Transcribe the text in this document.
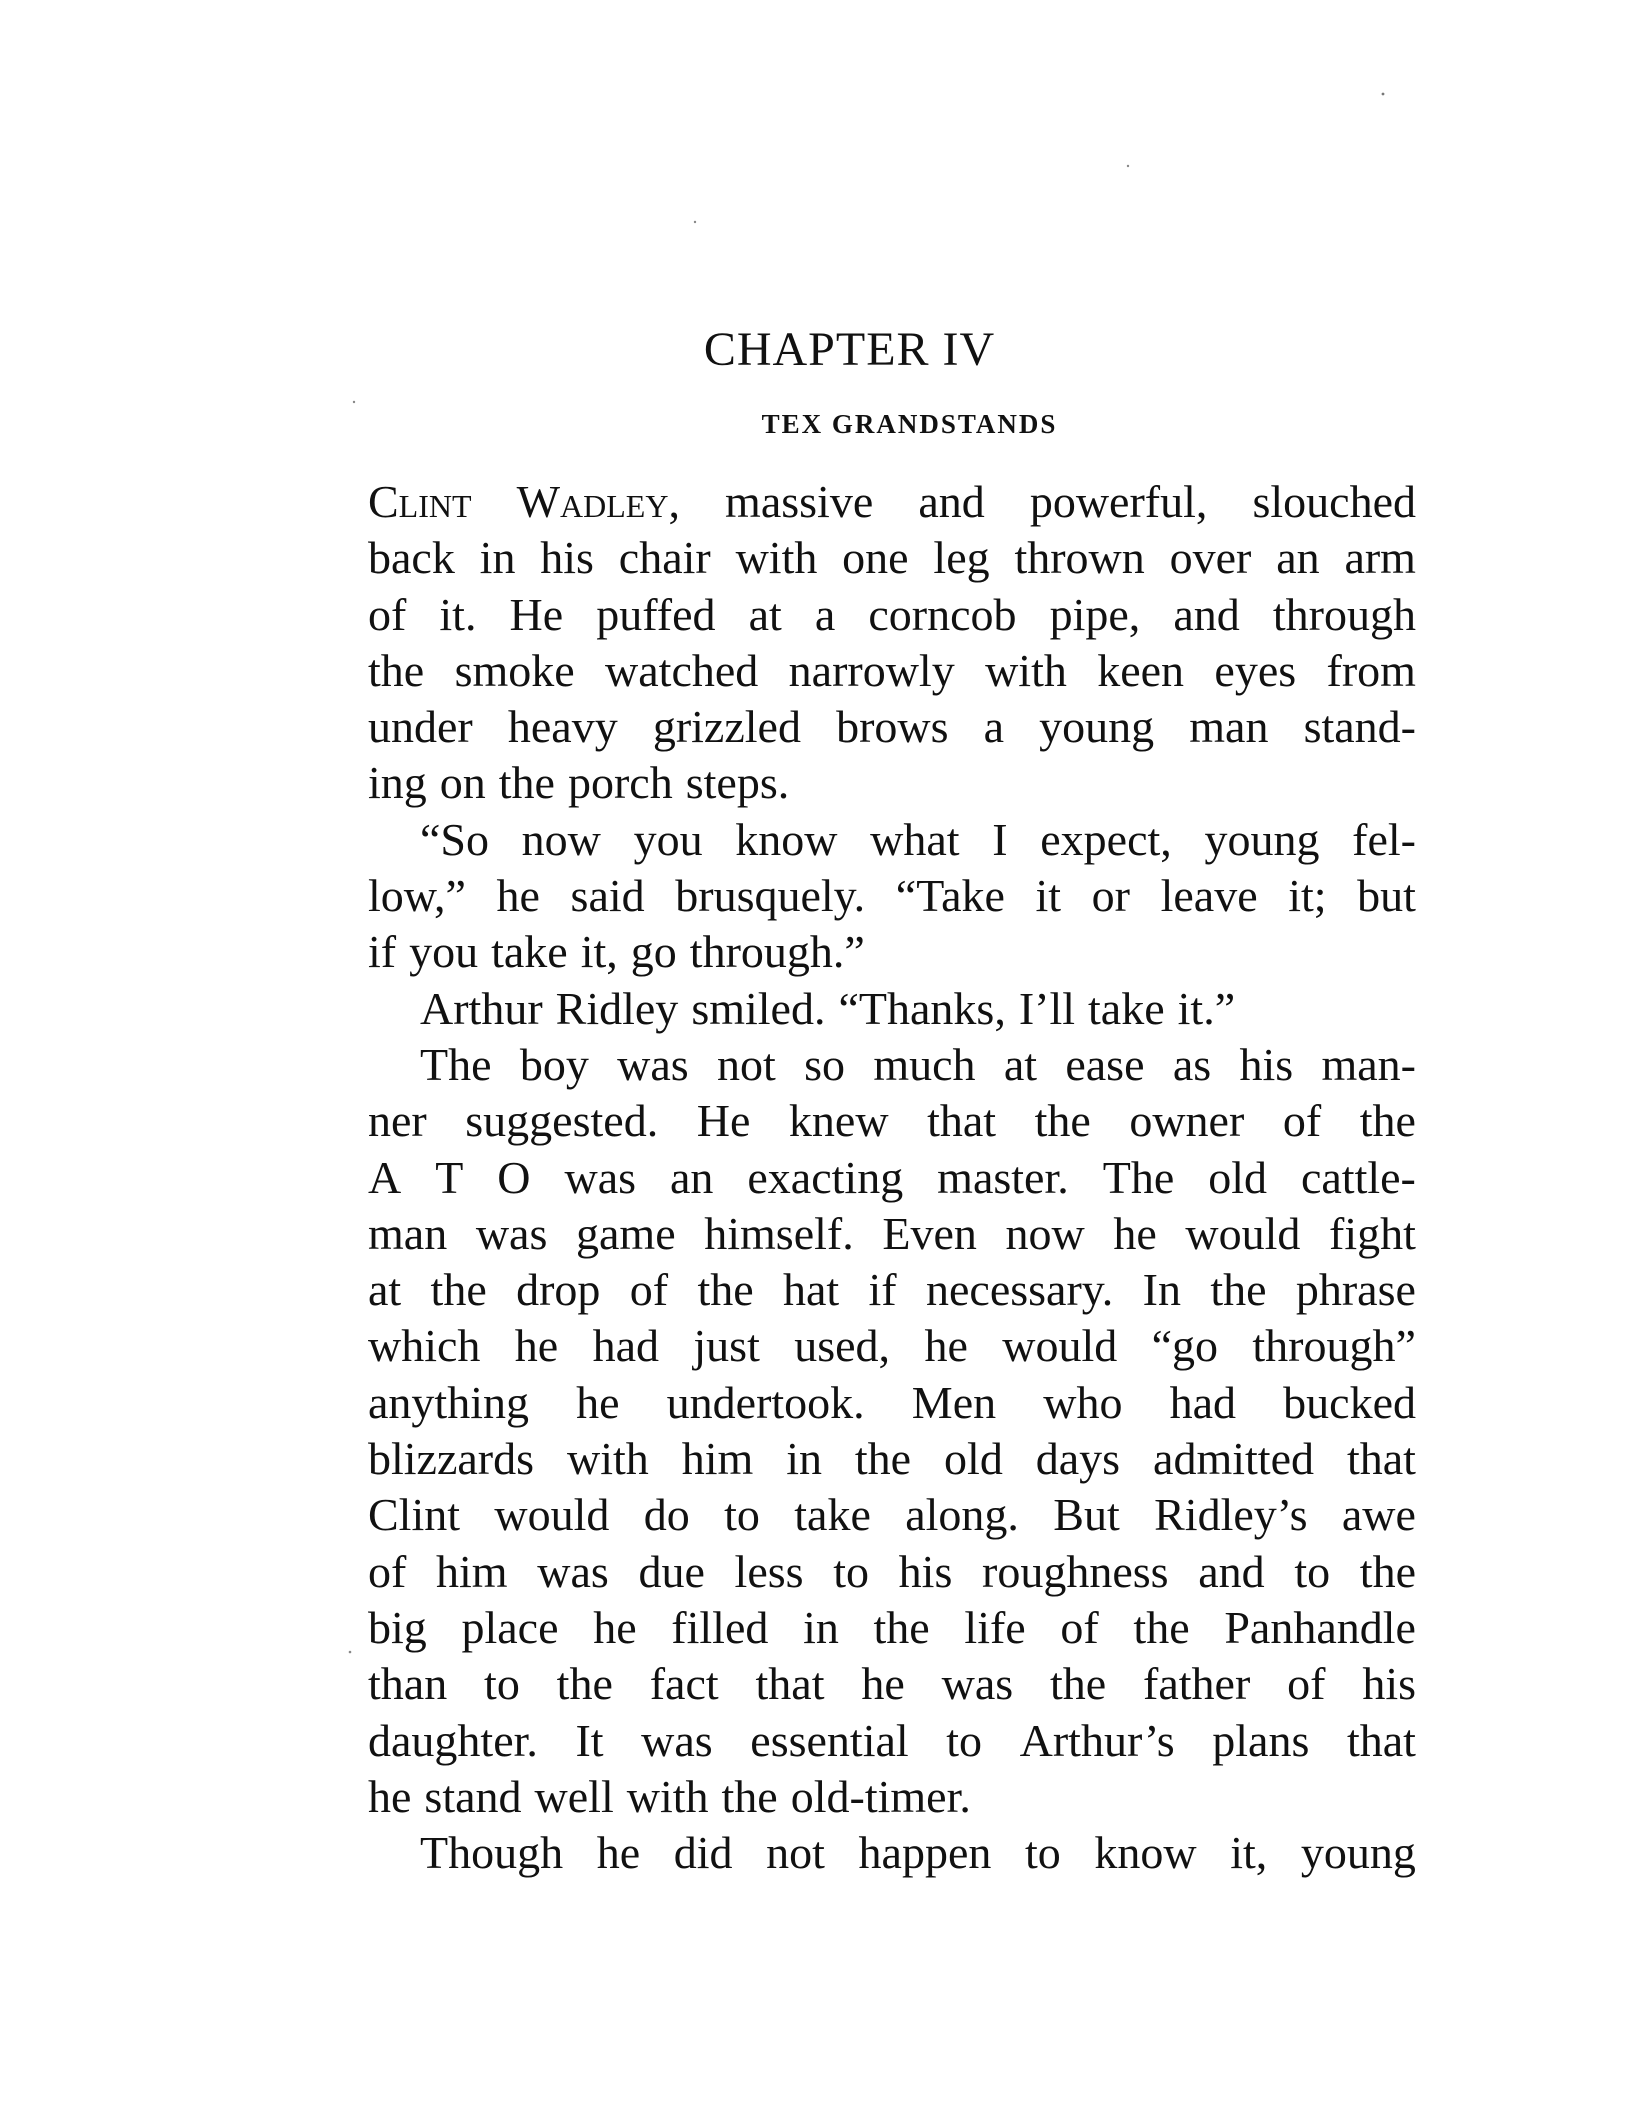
CHAPTER IV
TEX GRANDSTANDS
Clint Wadley, massive and powerful, slouched
back in his chair with one leg thrown over an arm
of it. He puffed at a corncob pipe, and through
the smoke watched narrowly with keen eyes from
under heavy grizzled brows a young man stand-
ing on the porch steps.
“So now you know what I expect, young fel-
low,” he said brusquely. “Take it or leave it; but
if you take it, go through.”
Arthur Ridley smiled. “Thanks, I’ll take it.”
The boy was not so much at ease as his man-
ner suggested. He knew that the owner of the
A T O was an exacting master. The old cattle-
man was game himself. Even now he would fight
at the drop of the hat if necessary. In the phrase
which he had just used, he would “go through”
anything he undertook. Men who had bucked
blizzards with him in the old days admitted that
Clint would do to take along. But Ridley’s awe
of him was due less to his roughness and to the
big place he filled in the life of the Panhandle
than to the fact that he was the father of his
daughter. It was essential to Arthur’s plans that
he stand well with the old-timer.
Though he did not happen to know it, young
